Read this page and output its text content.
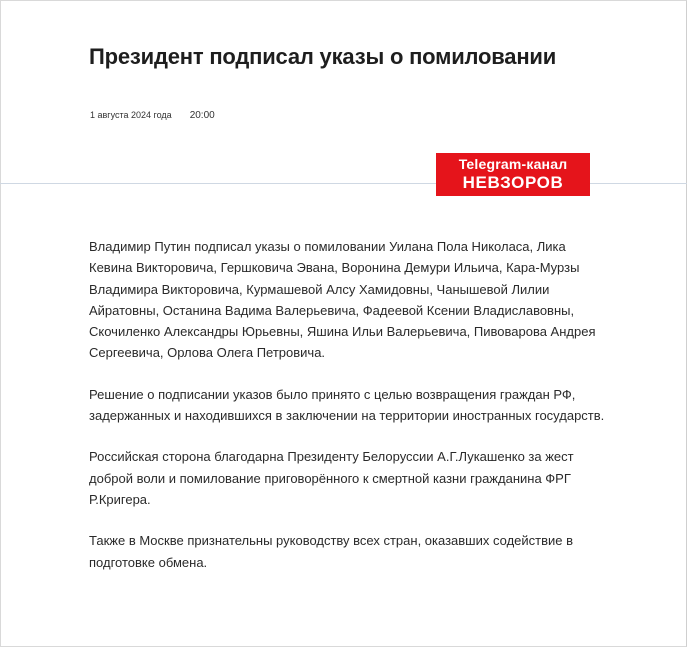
Президент подписал указы о помиловании
1 августа 2024 года 20:00
Telegram-канал
НЕВЗОРОВ

Владимир Путин подписал указы о помиловании Уилана Пола Николаса, Лика Кевина Викторовича, Гершковича Эвана, Воронина Демури Ильича, Кара-Мурзы Владимира Викторовича, Курмашевой Алсу Хамидовны, Чанышевой Лилии Айратовны, Останина Вадима Валерьевича, Фадеевой Ксении Владиславовны, Скочиленко Александры Юрьевны, Яшина Ильи Валерьевича, Пивоварова Андрея Сергеевича, Орлова Олега Петровича.

Решение о подписании указов было принято с целью возвращения граждан РФ, задержанных и находившихся в заключении на территории иностранных государств.

Российская сторона благодарна Президенту Белоруссии А.Г.Лукашенко за жест доброй воли и помилование приговорённого к смертной казни гражданина ФРГ Р.Кригера.

Также в Москве признательны руководству всех стран, оказавших содействие в подготовке обмена.
